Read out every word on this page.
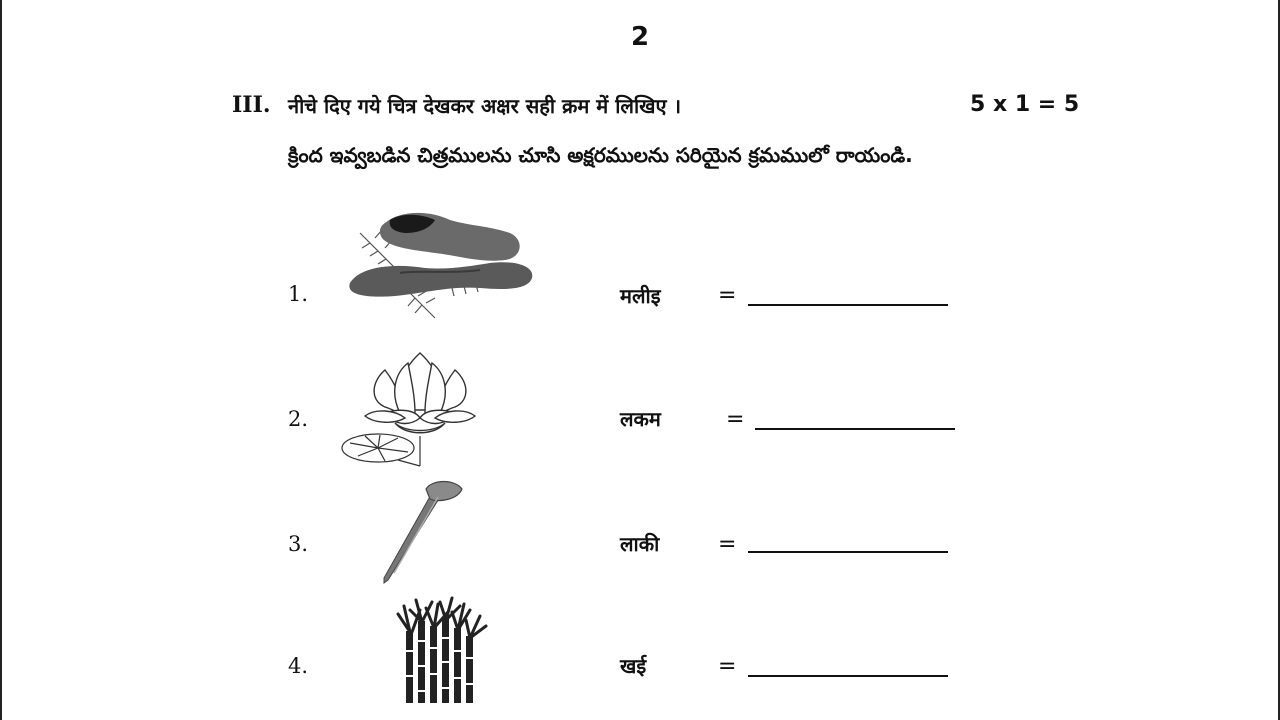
2
III. नीचे दिए गये चित्र देखकर अक्षर सही क्रम में लिखिए ।	5 x 1 = 5
క్రింద ఇవ్వబడిన చిత్రములను చూసి అక్షరములను సరియైన క్రమములో రాయండి.
1.	मलीइ	=
2.	लकम	=
3.	लाकी	=
4.	खई	=
